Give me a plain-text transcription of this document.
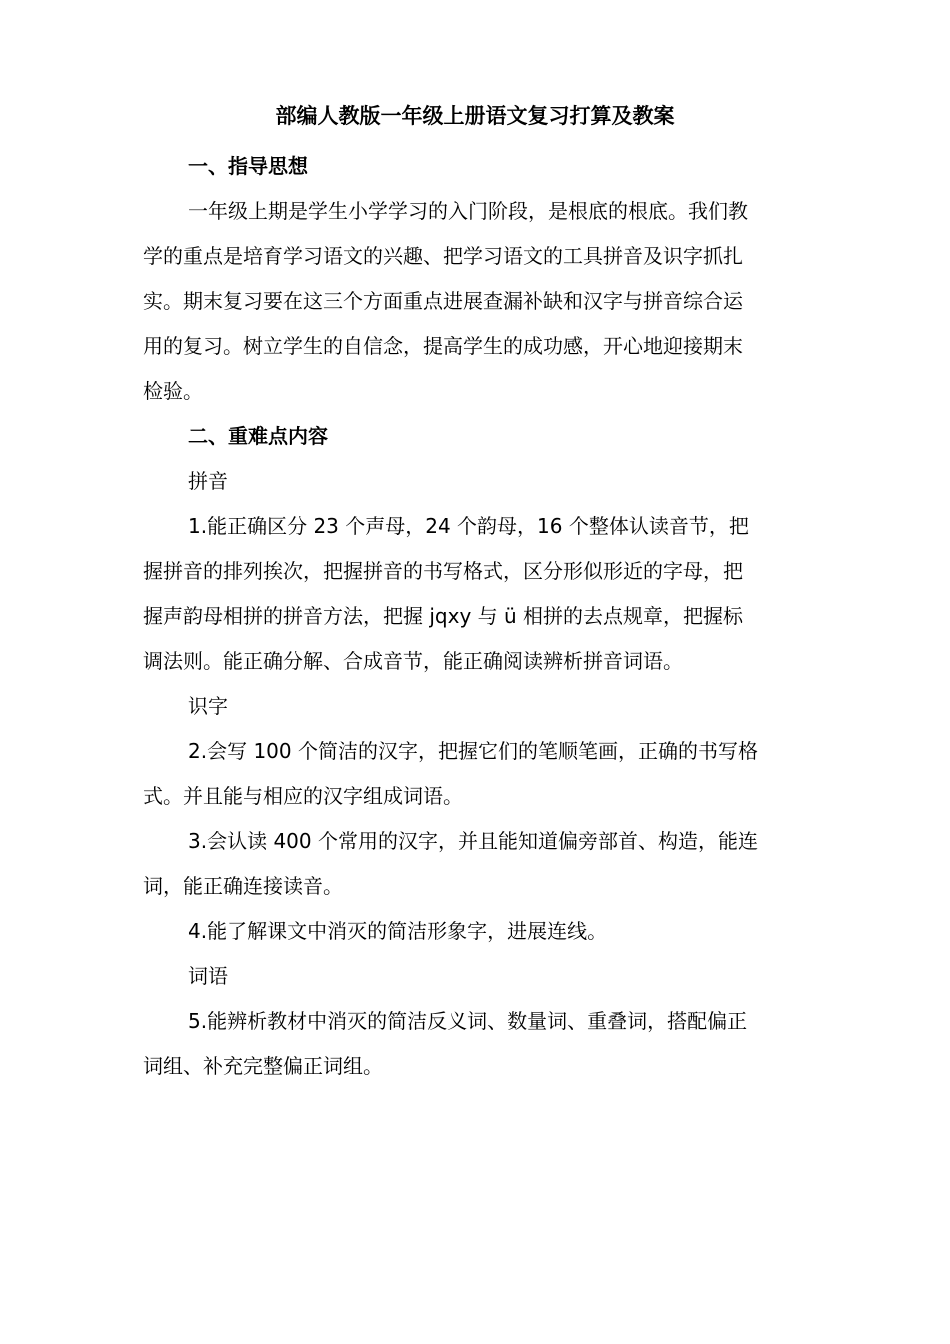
部编人教版一年级上册语文复习打算及教案
一、指导思想
一年级上期是学生小学学习的入门阶段，是根底的根底。我们教
学的重点是培育学习语文的兴趣、把学习语文的工具拼音及识字抓扎
实。期末复习要在这三个方面重点进展查漏补缺和汉字与拼音综合运
用的复习。树立学生的自信念，提高学生的成功感，开心地迎接期末
检验。
二、重难点内容
拼音
1.能正确区分 23 个声母，24 个韵母，16 个整体认读音节，把
握拼音的排列挨次，把握拼音的书写格式，区分形似形近的字母，把
握声韵母相拼的拼音方法，把握 jqxy 与 ü 相拼的去点规章，把握标
调法则。能正确分解、合成音节，能正确阅读辨析拼音词语。
识字
2.会写 100 个简洁的汉字，把握它们的笔顺笔画，正确的书写格
式。并且能与相应的汉字组成词语。
3.会认读 400 个常用的汉字，并且能知道偏旁部首、构造，能连
词，能正确连接读音。
4.能了解课文中消灭的简洁形象字，进展连线。
词语
5.能辨析教材中消灭的简洁反义词、数量词、重叠词，搭配偏正
词组、补充完整偏正词组。
